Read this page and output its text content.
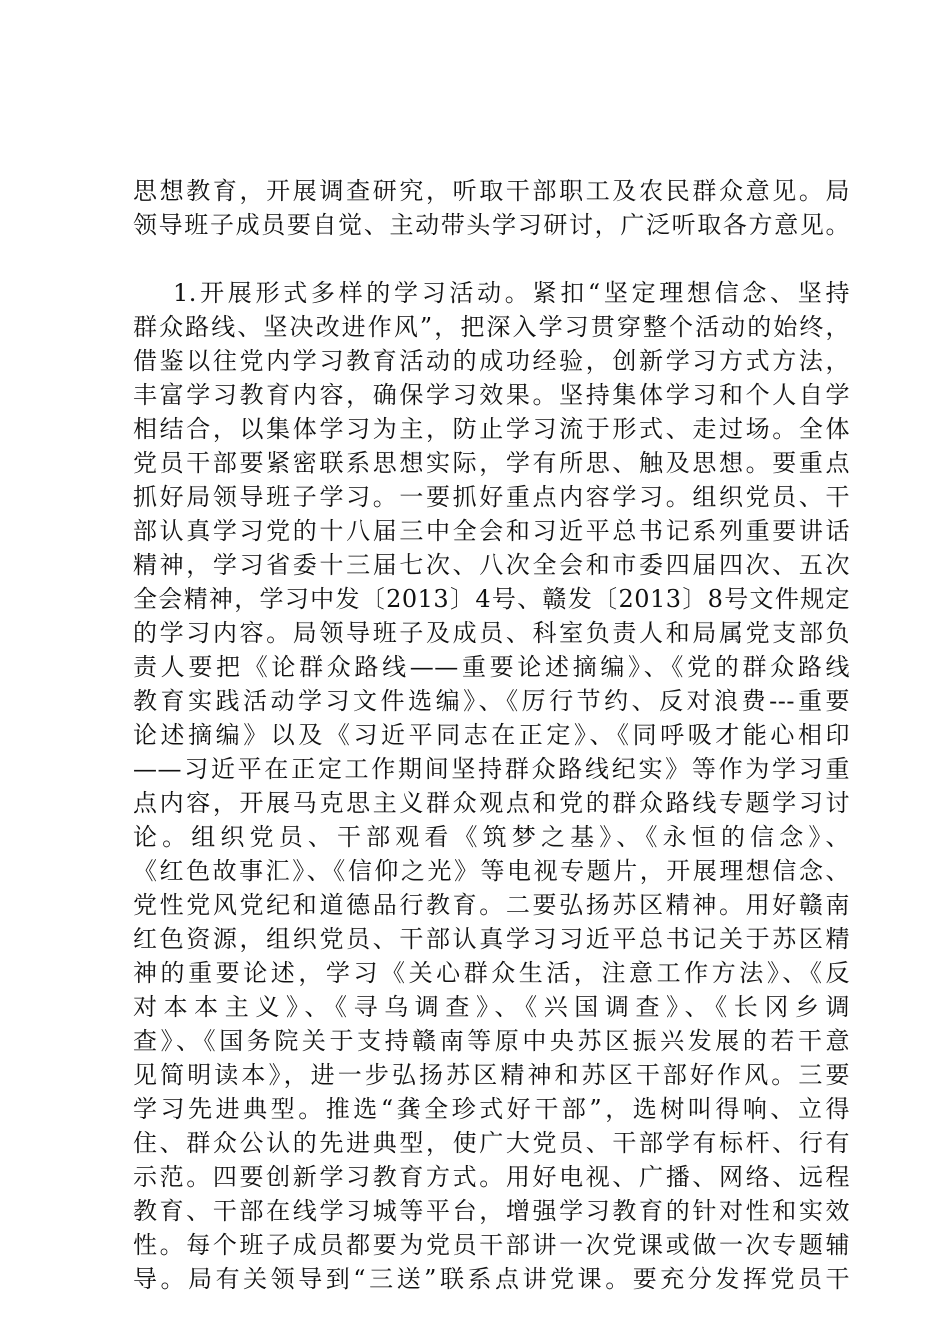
思想教育，开展调查研究，听取干部职工及农民群众意见。局
领导班子成员要自觉、主动带头学习研讨，广泛听取各方意见。
1.开展形式多样的学习活动。紧扣“坚定理想信念、坚持
群众路线、坚决改进作风”，把深入学习贯穿整个活动的始终，
借鉴以往党内学习教育活动的成功经验，创新学习方式方法，
丰富学习教育内容，确保学习效果。坚持集体学习和个人自学
相结合，以集体学习为主，防止学习流于形式、走过场。全体
党员干部要紧密联系思想实际，学有所思、触及思想。要重点
抓好局领导班子学习。一要抓好重点内容学习。组织党员、干
部认真学习党的十八届三中全会和习近平总书记系列重要讲话
精神，学习省委十三届七次、八次全会和市委四届四次、五次
全会精神，学习中发〔2013〕4号、赣发〔2013〕8号文件规定
的学习内容。局领导班子及成员、科室负责人和局属党支部负
责人要把《论群众路线——重要论述摘编》、《党的群众路线
教育实践活动学习文件选编》、《厉行节约、反对浪费---重要
论述摘编》以及《习近平同志在正定》、《同呼吸才能心相印
——习近平在正定工作期间坚持群众路线纪实》等作为学习重
点内容，开展马克思主义群众观点和党的群众路线专题学习讨
论。组织党员、干部观看《筑梦之基》、《永恒的信念》、
《红色故事汇》、《信仰之光》等电视专题片，开展理想信念、
党性党风党纪和道德品行教育。二要弘扬苏区精神。用好赣南
红色资源，组织党员、干部认真学习习近平总书记关于苏区精
神的重要论述，学习《关心群众生活，注意工作方法》、《反
对本本主义》、《寻乌调查》、《兴国调查》、《长冈乡调
查》、《国务院关于支持赣南等原中央苏区振兴发展的若干意
见简明读本》，进一步弘扬苏区精神和苏区干部好作风。三要
学习先进典型。推选“龚全珍式好干部”，选树叫得响、立得
住、群众公认的先进典型，使广大党员、干部学有标杆、行有
示范。四要创新学习教育方式。用好电视、广播、网络、远程
教育、干部在线学习城等平台，增强学习教育的针对性和实效
性。每个班子成员都要为党员干部讲一次党课或做一次专题辅
导。局有关领导到“三送”联系点讲党课。要充分发挥党员干
